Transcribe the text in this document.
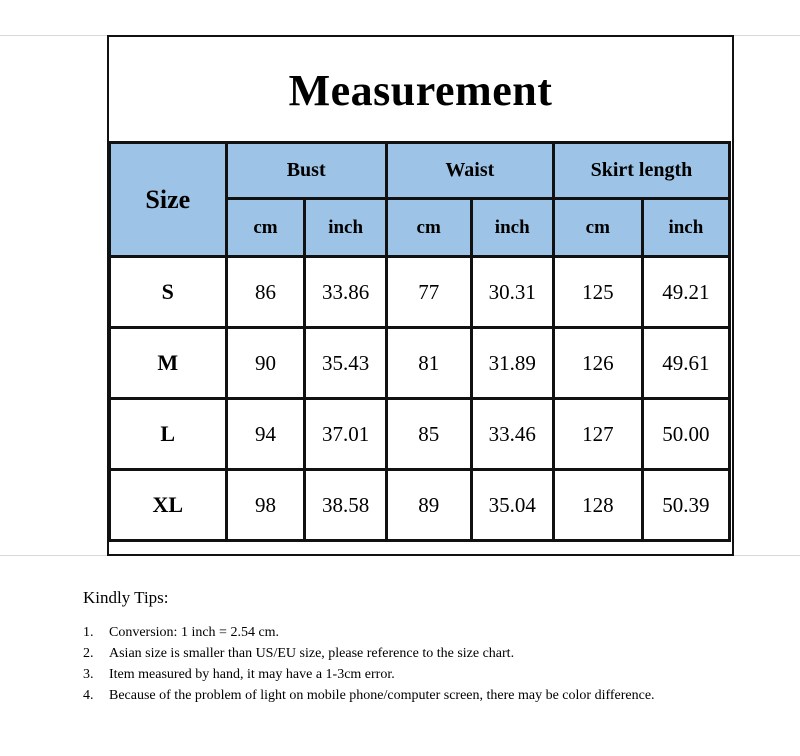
Measurement
Size	Bust		Waist		Skirt length	
	cm	inch	cm	inch	cm	inch
S	86	33.86	77	30.31	125	49.21
M	90	35.43	81	31.89	126	49.61
L	94	37.01	85	33.46	127	50.00
XL	98	38.58	89	35.04	128	50.39
Kindly Tips:
1.	Conversion: 1 inch = 2.54 cm.
2.	Asian size is smaller than US/EU size, please reference to the size chart.
3.	Item measured by hand, it may have a 1-3cm error.
4.	Because of the problem of light on mobile phone/computer screen, there may be color difference.
